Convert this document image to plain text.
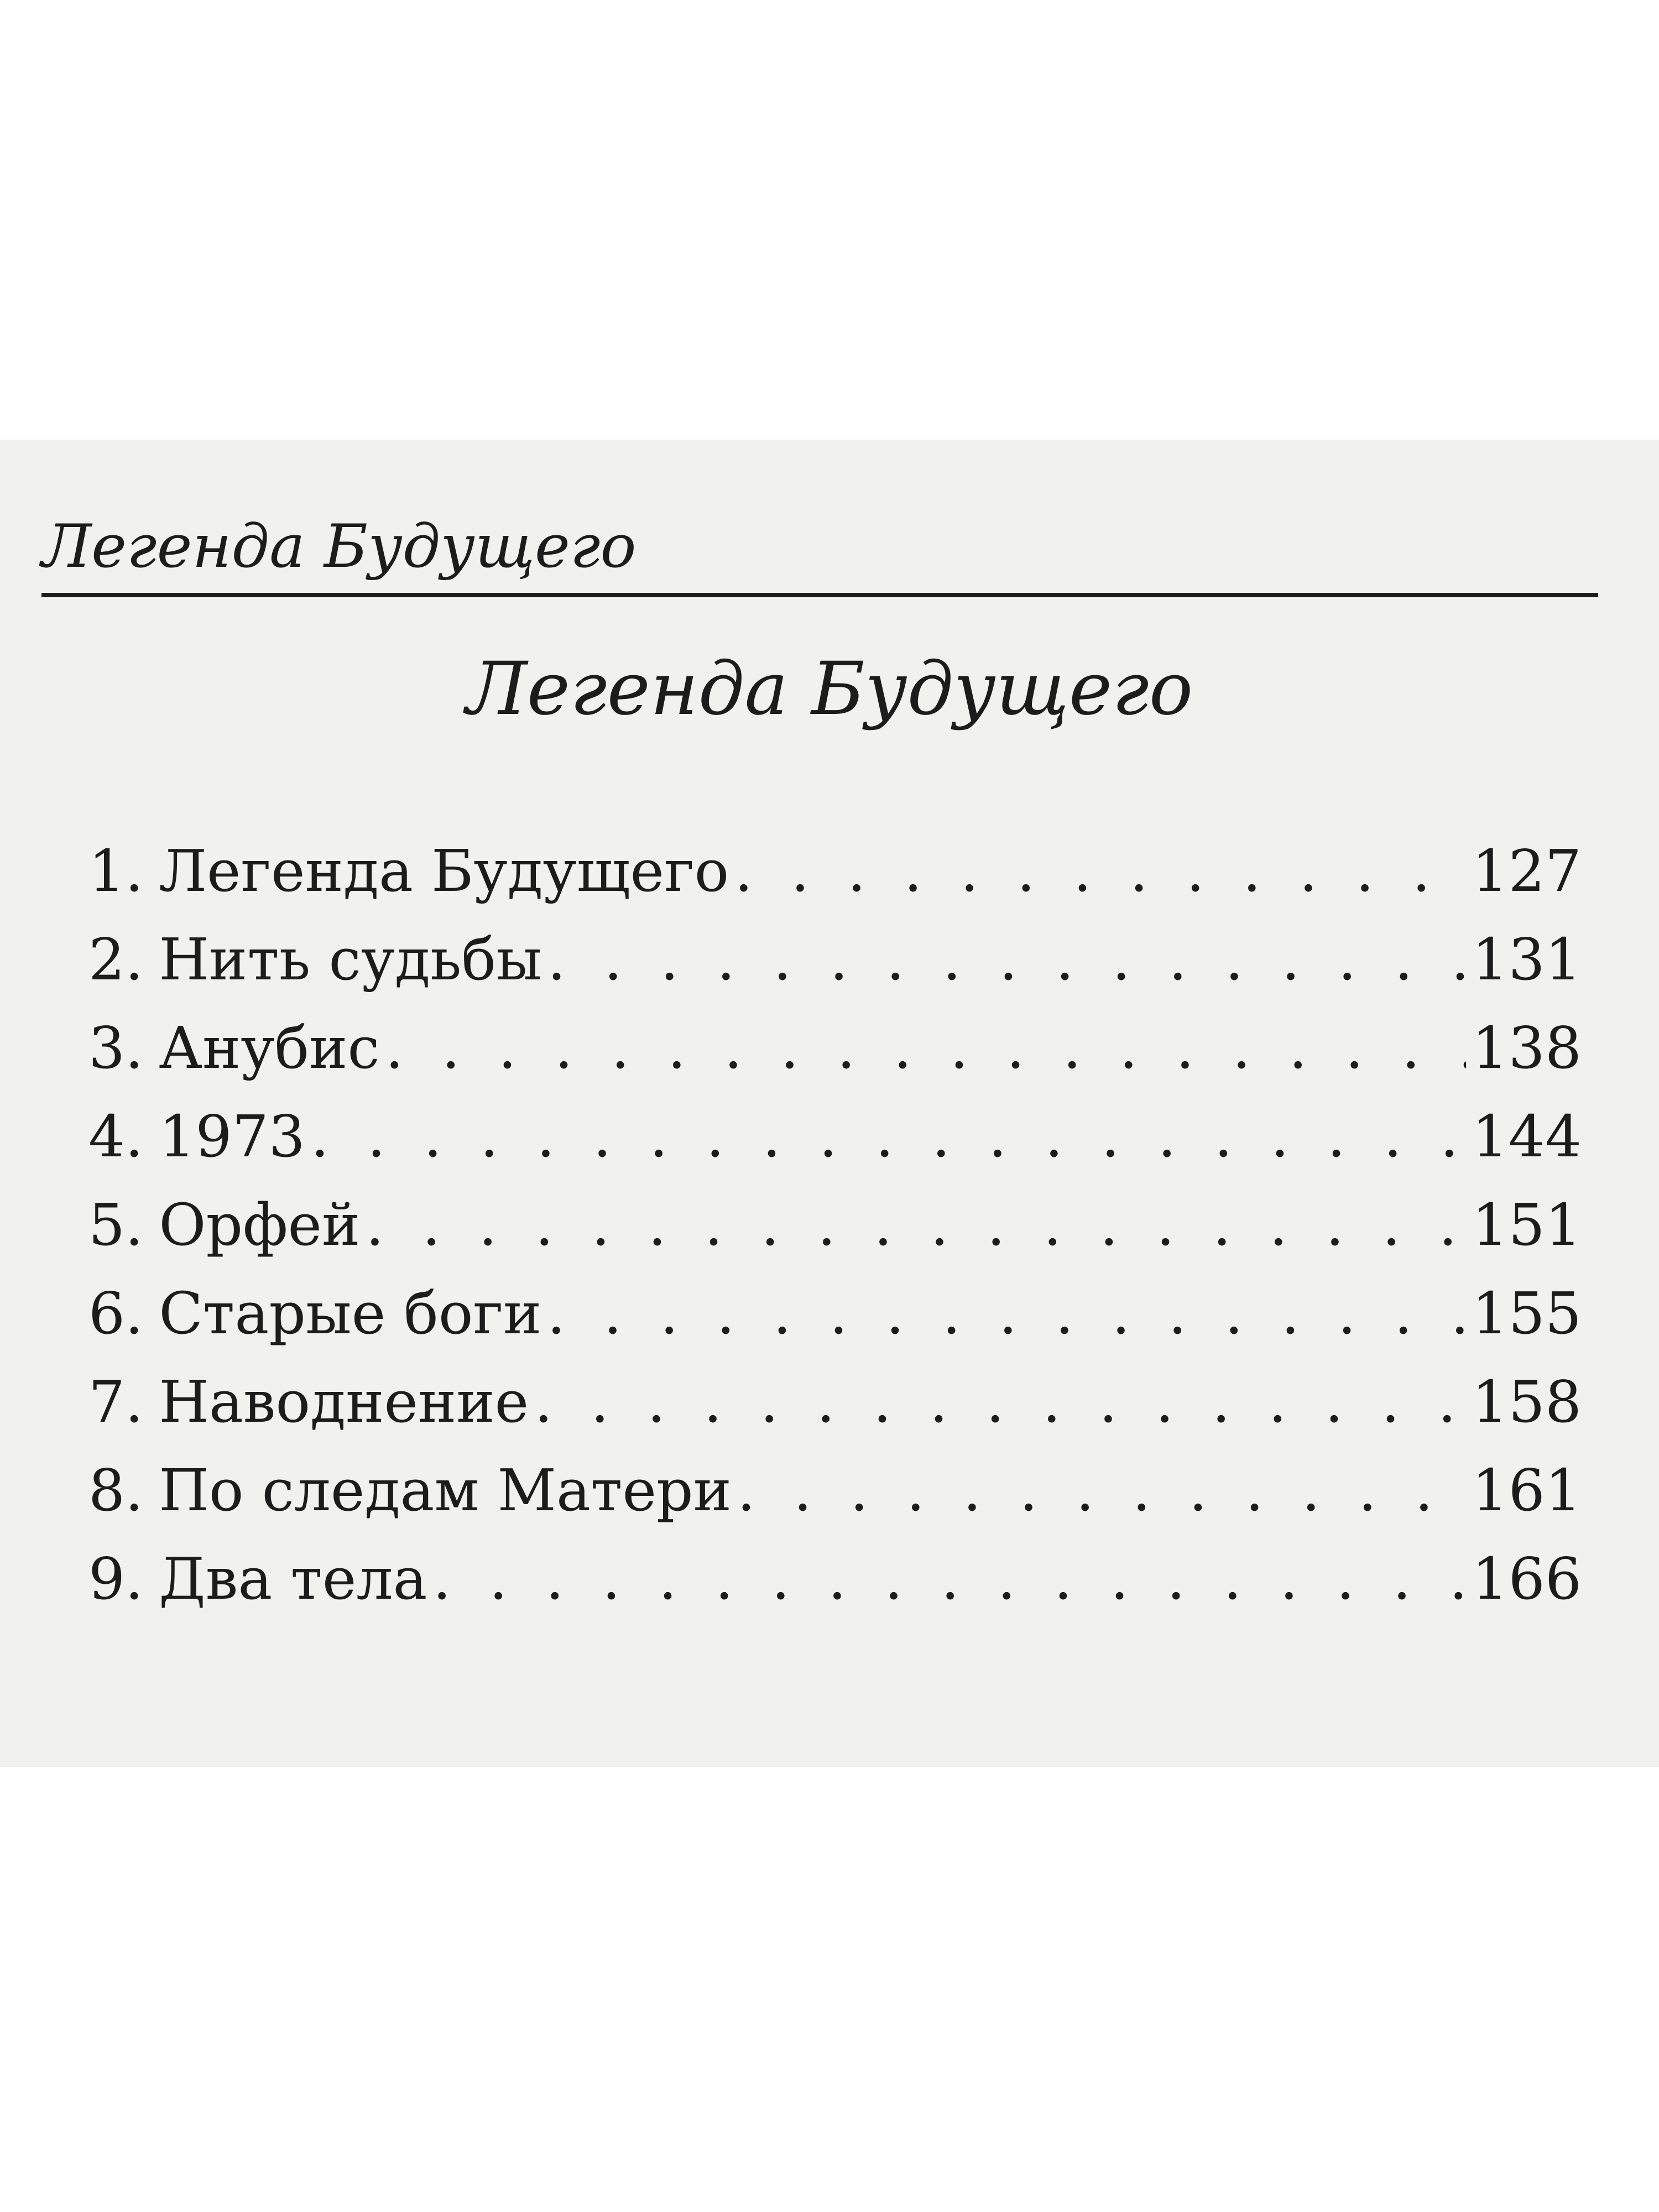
Легенда Будущего
Легенда Будущего
1. Легенда Будущего . . .	127
2. Нить судьбы . . .	131
3. Анубис . . .	138
4. 1973 . . .	144
5. Орфей . . .	151
6. Старые боги . . .	155
7. Наводнение . . .	158
8. По следам Матери . . .	161
9. Два тела . . .	166
